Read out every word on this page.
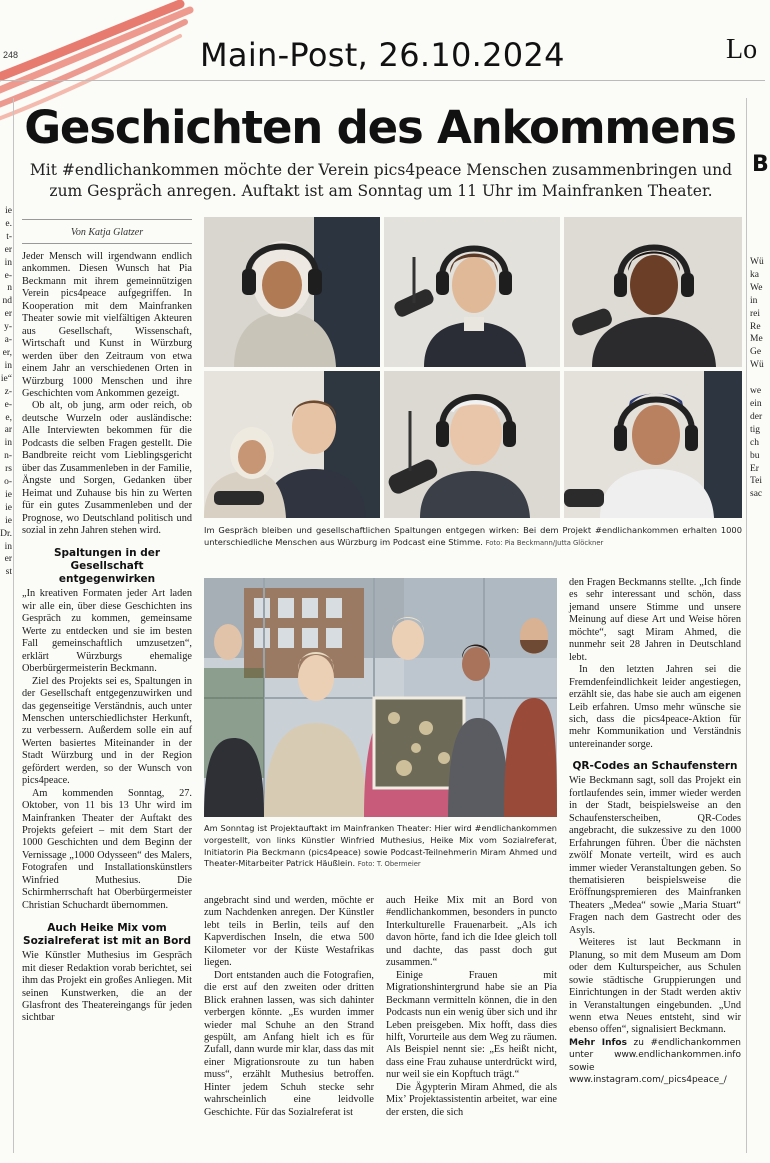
248	Main-Post, 26.10.2024	Lo
Geschichten des Ankommens

Mit #endlichankommen möchte der Verein pics4peace Menschen zusammenbringen und zum Gespräch anregen. Auftakt ist am Sonntag um 11 Uhr im Mainfranken Theater.

ie
e.
t-
er
in
e-
n
nd
er
y-
a-
er,
in
ie“
z-
e-
e,
ar
in
n-
rs
o-
ie
ie
ie
Dr.
in
er
st
B
Wü
ka
We
in
rei
Re
Me
Ge
Wü

we
ein
der
tig
ch
bu
Er
Tei
sac
Von Katja Glatzer

Jeder Mensch will irgendwann endlich ankommen. Diesen Wunsch hat Pia Beckmann mit ihrem gemeinnützigen Verein pics4peace aufgegriffen. In Kooperation mit dem Mainfranken Theater sowie mit vielfältigen Akteuren aus Gesellschaft, Wissenschaft, Wirtschaft und Kunst in Würzburg werden über den Zeitraum von etwa einem Jahr an verschiedenen Orten in Würzburg 1000 Menschen und ihre Geschichten vom Ankommen gezeigt.

Ob alt, ob jung, arm oder reich, ob deutsche Wurzeln oder ausländische: Alle Interviewten bekommen für die Podcasts die selben Fragen gestellt. Die Bandbreite reicht vom Lieblingsgericht über das Zusammenleben in der Familie, Ängste und Sorgen, Gedanken über Heimat und Zuhause bis hin zu Werten für ein gutes Zusammenleben und der Prognose, wo Deutschland politisch und sozial in zehn Jahren stehen wird.

Spaltungen in der Gesellschaft entgegenwirken

„In kreativen Formaten jeder Art laden wir alle ein, über diese Geschichten ins Gespräch zu kommen, gemeinsame Werte zu entdecken und sie im besten Fall gemeinschaftlich umzusetzen“, erklärt Würzburgs ehemalige Oberbürgermeisterin Beckmann.

Ziel des Projekts sei es, Spaltungen in der Gesellschaft entgegenzuwirken und das gegenseitige Verständnis, auch unter Menschen unterschiedlichster Herkunft, zu verbessern. Außerdem solle ein auf Werten basiertes Miteinander in der Stadt Würzburg und in der Region gefördert werden, so der Wunsch von pics4peace.

Am kommenden Sonntag, 27. Oktober, von 11 bis 13 Uhr wird im Mainfranken Theater der Auftakt des Projekts gefeiert – mit dem Start der 1000 Geschichten und dem Beginn der Vernissage „1000 Odysseen“ des Malers, Fotografen und Installationskünstlers Winfried Muthesius. Die Schirmherrschaft hat Oberbürgermeister Christian Schuchardt übernommen.

Auch Heike Mix vom Sozialreferat ist mit an Bord

Wie Künstler Muthesius im Gespräch mit dieser Redaktion vorab berichtet, sei ihm das Projekt ein großes Anliegen. Mit seinen Kunstwerken, die an der Glasfront des Theatereingangs für jeden sichtbar

Im Gespräch bleiben und gesellschaftlichen Spaltungen entgegen wirken: Bei dem Projekt #endlichankommen erhalten 1000 unterschiedliche Menschen aus Würzburg im Podcast eine Stimme. Foto: Pia Beckmann/Jutta Glöckner

Am Sonntag ist Projektauftakt im Mainfranken Theater: Hier wird #endlichankommen vorgestellt, von links Künstler Winfried Muthesius, Heike Mix vom Sozialreferat, Initiatorin Pia Beckmann (pics4peace) sowie Podcast-Teilnehmerin Miram Ahmed und Theater-Mitarbeiter Patrick Häußlein. Foto: T. Obermeier

angebracht sind und werden, möchte er zum Nachdenken anregen. Der Künstler lebt teils in Berlin, teils auf den Kapverdischen Inseln, die etwa 500 Kilometer vor der Küste Westafrikas liegen.

Dort entstanden auch die Fotografien, die erst auf den zweiten oder dritten Blick erahnen lassen, was sich dahinter verbergen könnte. „Es wurden immer wieder mal Schuhe an den Strand gespült, am Anfang hielt ich es für Zufall, dann wurde mir klar, dass das mit einer Migrationsroute zu tun haben muss“, erzählt Muthesius betroffen. Hinter jedem Schuh stecke sehr wahrscheinlich eine leidvolle Geschichte. Für das Sozialreferat ist

auch Heike Mix mit an Bord von #endlichankommen, besonders in puncto Interkulturelle Frauenarbeit. „Als ich davon hörte, fand ich die Idee gleich toll und dachte, das passt doch gut zusammen.“

Einige Frauen mit Migrationshintergrund habe sie an Pia Beckmann vermitteln können, die in den Podcasts nun ein wenig über sich und ihr Leben preisgeben. Mix hofft, dass dies hilft, Vorurteile aus dem Weg zu räumen. Als Beispiel nennt sie: „Es heißt nicht, dass eine Frau zuhause unterdrückt wird, nur weil sie ein Kopftuch trägt.“

Die Ägypterin Miram Ahmed, die als Mix’ Projektassistentin arbeitet, war eine der ersten, die sich

den Fragen Beckmanns stellte. „Ich finde es sehr interessant und schön, dass jemand unsere Stimme und unsere Meinung auf diese Art und Weise hören möchte“, sagt Miram Ahmed, die nunmehr seit 28 Jahren in Deutschland lebt.

In den letzten Jahren sei die Fremdenfeindlichkeit leider angestiegen, erzählt sie, das habe sie auch am eigenen Leib erfahren. Umso mehr wünsche sie sich, dass die pics4peace-Aktion für mehr Kommunikation und Verständnis untereinander sorge.

QR-Codes an Schaufenstern

Wie Beckmann sagt, soll das Projekt ein fortlaufendes sein, immer wieder werden in der Stadt, beispielsweise an den Schaufensterscheiben, QR-Codes angebracht, die sukzessive zu den 1000 Erfahrungen führen. Über die nächsten zwölf Monate verteilt, wird es auch immer wieder Veranstaltungen geben. So thematisieren beispielsweise die Eröffnungspremieren des Mainfranken Theaters „Medea“ sowie „Maria Stuart“ Fragen nach dem Gastrecht oder des Asyls.

Weiteres ist laut Beckmann in Planung, so mit dem Museum am Dom oder dem Kulturspeicher, aus Schulen sowie städtische Gruppierungen und Einrichtungen in der Stadt werden aktiv in Veranstaltungen eingebunden. „Und wenn etwa Neues entsteht, sind wir ebenso offen“, signalisiert Beckmann.

Mehr Infos zu #endlichankommen unter www.endlichankommen.info sowie www.instagram.com/_pics4peace_/
